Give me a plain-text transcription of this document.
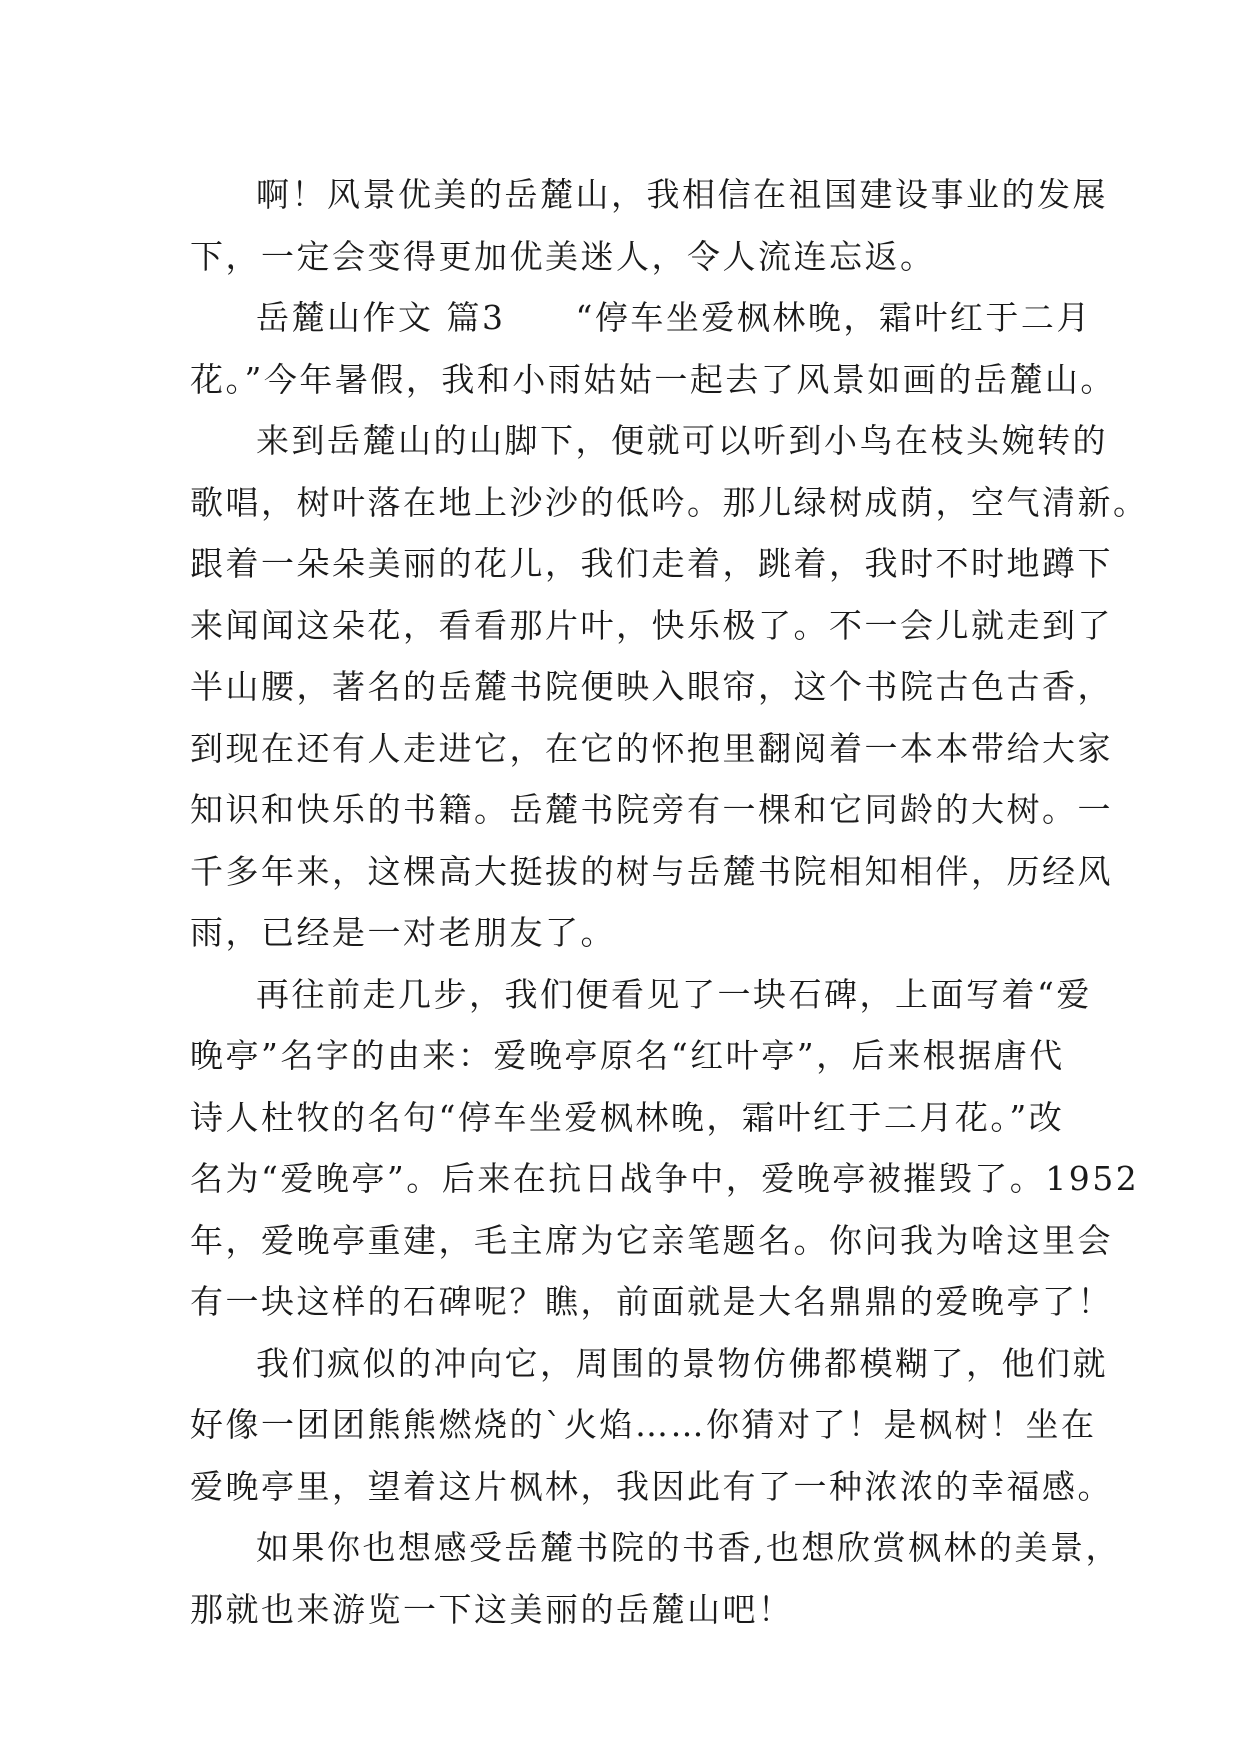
啊！风景优美的岳麓山，我相信在祖国建设事业的发展
下，一定会变得更加优美迷人，令人流连忘返。
岳麓山作文 篇3 “停车坐爱枫林晚，霜叶红于二月
花。”今年暑假，我和小雨姑姑一起去了风景如画的岳麓山。
来到岳麓山的山脚下，便就可以听到小鸟在枝头婉转的
歌唱，树叶落在地上沙沙的低吟。那儿绿树成荫，空气清新。
跟着一朵朵美丽的花儿，我们走着，跳着，我时不时地蹲下
来闻闻这朵花，看看那片叶，快乐极了。不一会儿就走到了
半山腰，著名的岳麓书院便映入眼帘，这个书院古色古香，
到现在还有人走进它，在它的怀抱里翻阅着一本本带给大家
知识和快乐的书籍。岳麓书院旁有一棵和它同龄的大树。一
千多年来，这棵高大挺拔的树与岳麓书院相知相伴，历经风
雨，已经是一对老朋友了。
再往前走几步，我们便看见了一块石碑，上面写着“爱
晚亭”名字的由来：爱晚亭原名“红叶亭”，后来根据唐代
诗人杜牧的名句“停车坐爱枫林晚，霜叶红于二月花。”改
名为“爱晚亭”。后来在抗日战争中，爱晚亭被摧毁了。1952
年，爱晚亭重建，毛主席为它亲笔题名。你问我为啥这里会
有一块这样的石碑呢？瞧，前面就是大名鼎鼎的爱晚亭了！
我们疯似的冲向它，周围的景物仿佛都模糊了，他们就
好像一团团熊熊燃烧的`火焰……你猜对了！是枫树！坐在
爱晚亭里，望着这片枫林，我因此有了一种浓浓的幸福感。
如果你也想感受岳麓书院的书香,也想欣赏枫林的美景，
那就也来游览一下这美丽的岳麓山吧！
